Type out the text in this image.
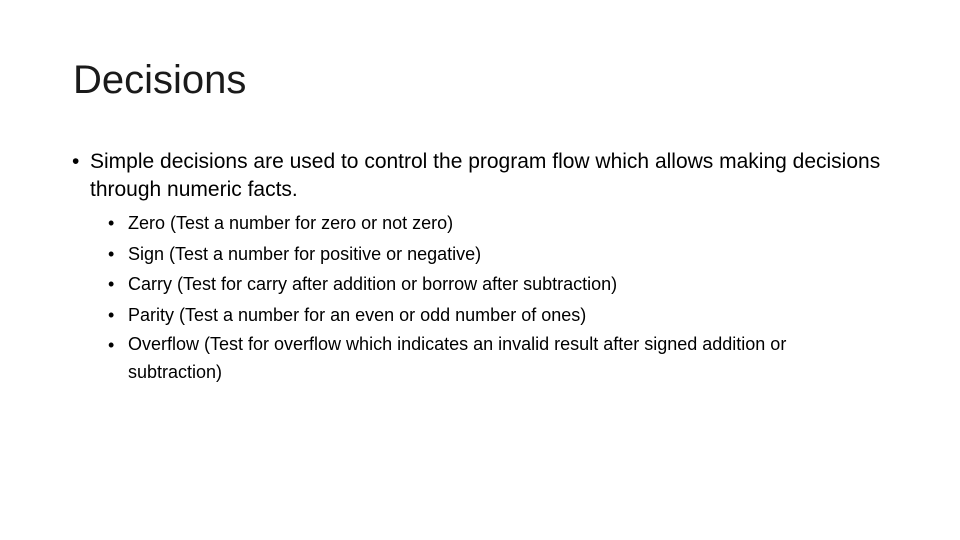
Decisions

• Simple decisions are used to control the program flow which allows making decisions through numeric facts.

• Zero (Test a number for zero or not zero)
• Sign (Test a number for positive or negative)
• Carry (Test for carry after addition or borrow after subtraction)
• Parity (Test a number for an even or odd number of ones)
• Overflow (Test for overflow which indicates an invalid result after signed addition or subtraction)
